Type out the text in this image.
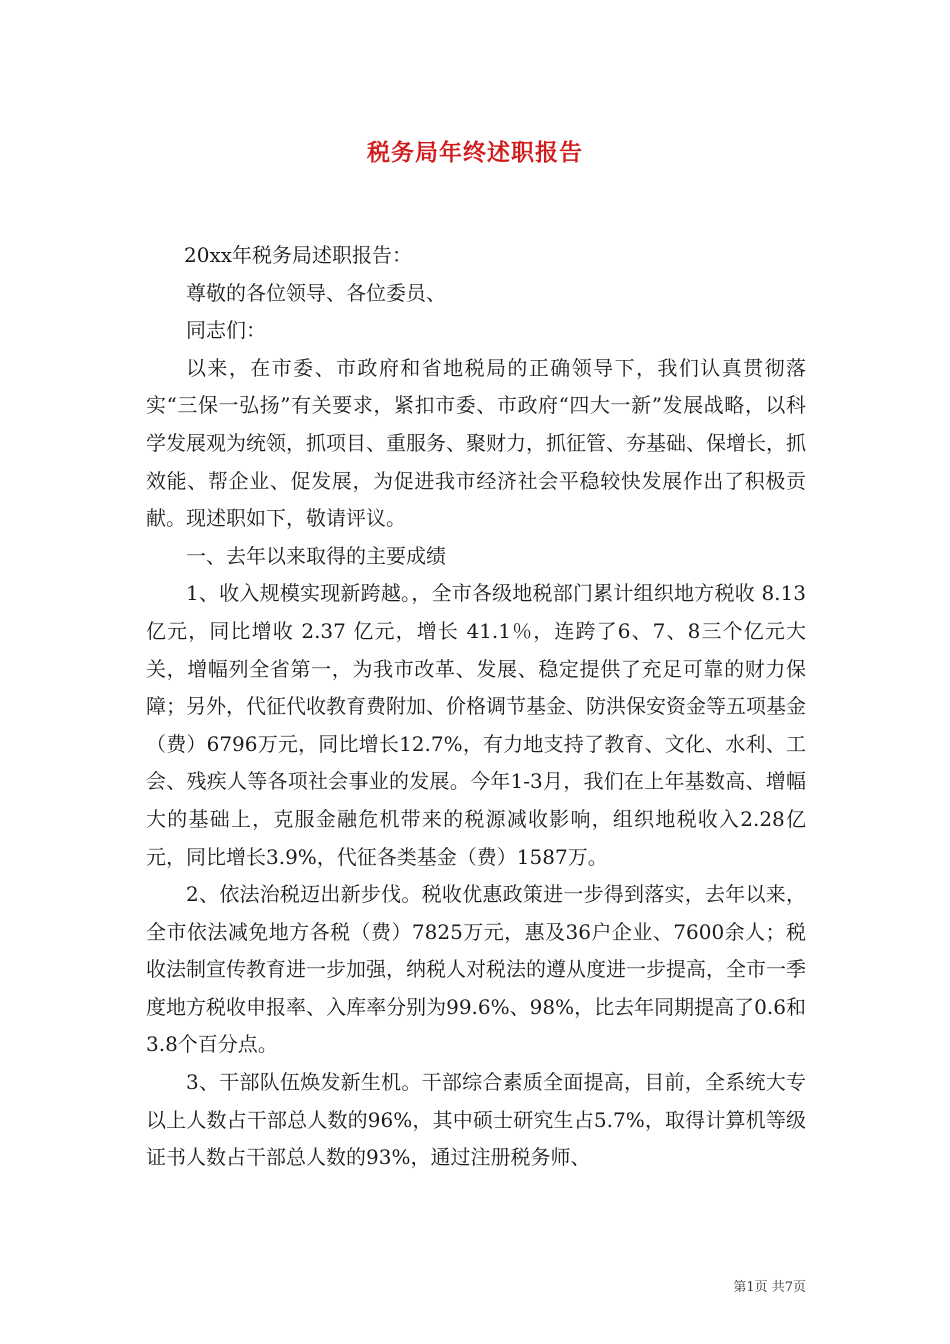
税务局年终述职报告

20xx年税务局述职报告：

尊敬的各位领导、各位委员、

同志们：

以来，在市委、市政府和省地税局的正确领导下，我们认真贯彻落实“三保一弘扬”有关要求，紧扣市委、市政府“四大一新”发展战略，以科学发展观为统领，抓项目、重服务、聚财力，抓征管、夯基础、保增长，抓效能、帮企业、促发展，为促进我市经济社会平稳较快发展作出了积极贡献。现述职如下，敬请评议。

一、去年以来取得的主要成绩

1、收入规模实现新跨越。，全市各级地税部门累计组织地方税收 8.13 亿元，同比增收 2.37 亿元，增长 41.1％，连跨了6、7、8三个亿元大关，增幅列全省第一，为我市改革、发展、稳定提供了充足可靠的财力保障；另外，代征代收教育费附加、价格调节基金、防洪保安资金等五项基金（费）6796万元，同比增长12.7%，有力地支持了教育、文化、水利、工会、残疾人等各项社会事业的发展。今年1-3月，我们在上年基数高、增幅大的基础上，克服金融危机带来的税源减收影响，组织地税收入2.28亿元，同比增长3.9%，代征各类基金（费）1587万。

2、依法治税迈出新步伐。税收优惠政策进一步得到落实，去年以来，全市依法减免地方各税（费）7825万元，惠及36户企业、7600余人；税收法制宣传教育进一步加强，纳税人对税法的遵从度进一步提高，全市一季度地方税收申报率、入库率分别为99.6%、98%，比去年同期提高了0.6和3.8个百分点。

3、干部队伍焕发新生机。干部综合素质全面提高，目前，全系统大专以上人数占干部总人数的96%，其中硕士研究生占5.7%，取得计算机等级证书人数占干部总人数的93%，通过注册税务师、

第1页 共7页
